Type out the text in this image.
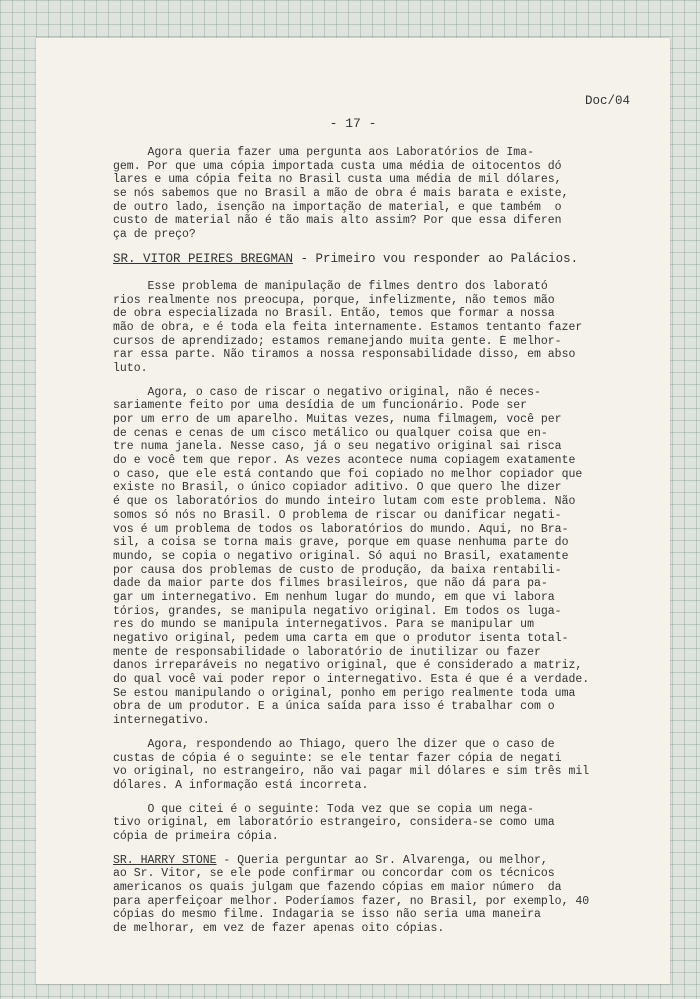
Doc/04
- 17 -
Agora queria fazer uma pergunta aos Laboratórios de Ima-
gem. Por que uma cópia importada custa uma média de oitocentos dó
lares e uma cópia feita no Brasil custa uma média de mil dólares,
se nós sabemos que no Brasil a mão de obra é mais barata e existe,
de outro lado, isenção na importação de material, e que também  o
custo de material não é tão mais alto assim? Por que essa diferen
ça de preço?
SR. VITOR PEIRES BREGMAN - Primeiro vou responder ao Palácios.
Esse problema de manipulação de filmes dentro dos laborató
rios realmente nos preocupa, porque, infelizmente, não temos mão
de obra especializada no Brasil. Então, temos que formar a nossa
mão de obra, e é toda ela feita internamente. Estamos tentanto fazer
cursos de aprendizado; estamos remanejando muita gente. É melhor-
rar essa parte. Não tiramos a nossa responsabilidade disso, em abso
luto.
Agora, o caso de riscar o negativo original, não é neces-
sariamente feito por uma desídia de um funcionário. Pode ser
por um erro de um aparelho. Muitas vezes, numa filmagem, você per
de cenas e cenas de um cisco metálico ou qualquer coisa que en-
tre numa janela. Nesse caso, já o seu negativo original sai risca
do e você tem que repor. Às vezes acontece numa copiagem exatamente
o caso, que ele está contando que foi copiado no melhor copiador que
existe no Brasil, o único copiador aditivo. O que quero lhe dizer
é que os laboratórios do mundo inteiro lutam com este problema. Não
somos só nós no Brasil. O problema de riscar ou danificar negati-
vos é um problema de todos os laboratórios do mundo. Aqui, no Bra-
sil, a coisa se torna mais grave, porque em quase nenhuma parte do
mundo, se copia o negativo original. Só aqui no Brasil, exatamente
por causa dos problemas de custo de produção, da baixa rentabili-
dade da maior parte dos filmes brasileiros, que não dá para pa-
gar um internegativo. Em nenhum lugar do mundo, em que vi labora
tórios, grandes, se manipula negativo original. Em todos os luga-
res do mundo se manipula internegativos. Para se manipular um
negativo original, pedem uma carta em que o produtor isenta total-
mente de responsabilidade o laboratório de inutilizar ou fazer
danos irreparáveis no negativo original, que é considerado a matriz,
do qual você vai poder repor o internegativo. Esta é que é a verdade.
Se estou manipulando o original, ponho em perigo realmente toda uma
obra de um produtor. E a única saída para isso é trabalhar com o
internegativo.
Agora, respondendo ao Thiago, quero lhe dizer que o caso de
custas de cópia é o seguinte: se ele tentar fazer cópia de negati
vo original, no estrangeiro, não vai pagar mil dólares e sim três mil
dólares. A informação está incorreta.
O que citei é o seguinte: Toda vez que se copia um nega-
tivo original, em laboratório estrangeiro, considera-se como uma
cópia de primeira cópia.
SR. HARRY STONE - Queria perguntar ao Sr. Alvarenga, ou melhor,
ao Sr. Vitor, se ele pode confirmar ou concordar com os técnicos
americanos os quais julgam que fazendo cópias em maior número  da
para aperfeiçoar melhor. Poderíamos fazer, no Brasil, por exemplo, 40
cópias do mesmo filme. Indagaria se isso não seria uma maneira
de melhorar, em vez de fazer apenas oito cópias.
